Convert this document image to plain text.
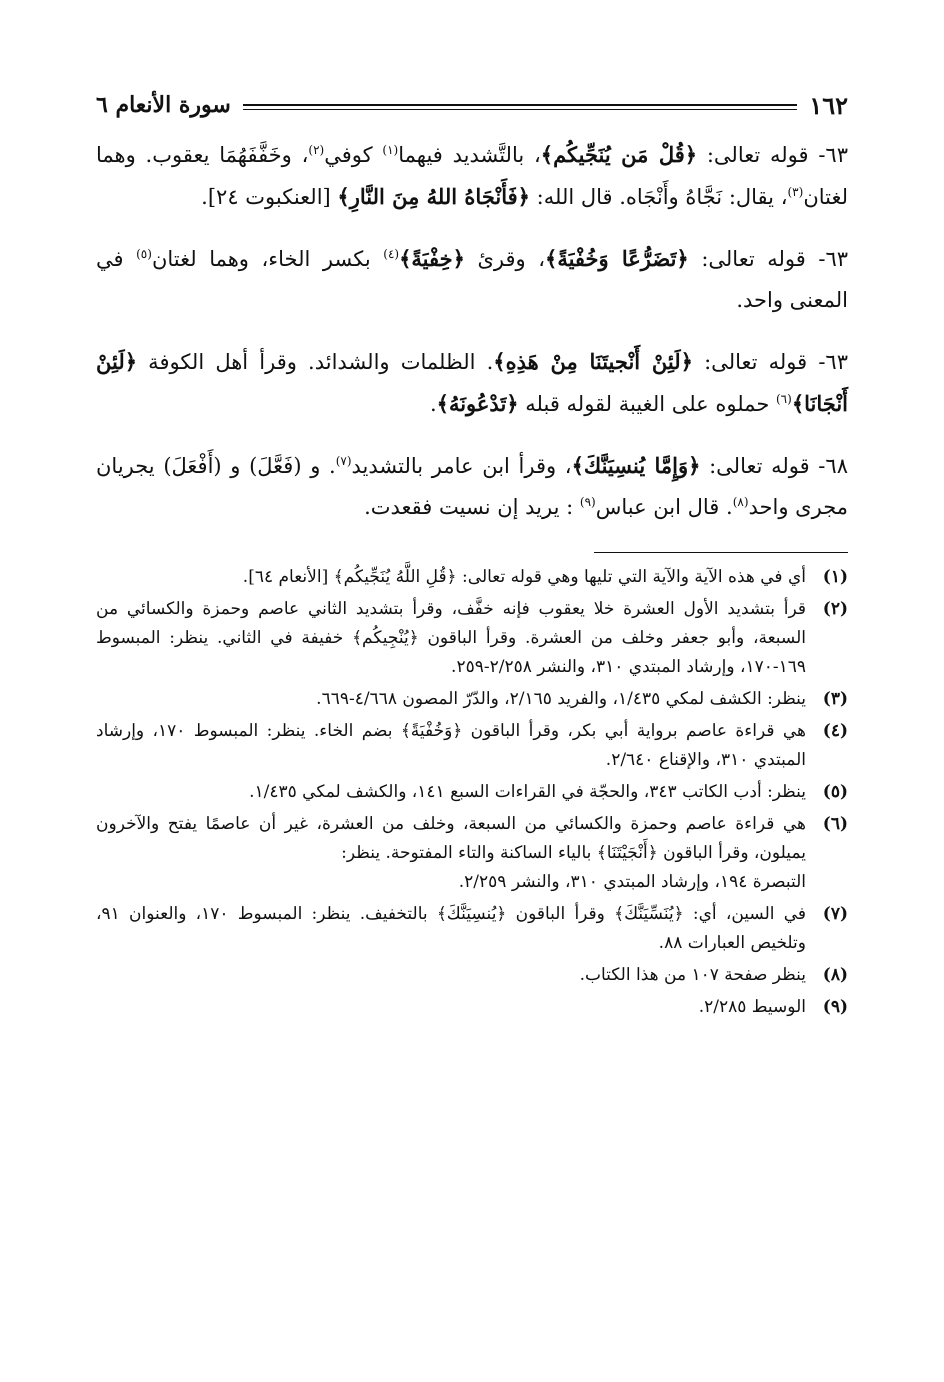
١٦٢
سورة الأنعام ٦

٦٣- قوله تعالى: ﴿قُلْ مَن يُنَجِّيكُم﴾، بالتَّشديد فيهما$^{(١)}$ كوفي$^{(٢)}$، وخَفَّفَهُمَا يعقوب. وهما لغتان$^{(٣)}$، يقال: نَجَّاهُ وأَنْجَاه. قال الله: ﴿فَأَنْجَاهُ اللهُ مِنَ النَّارِ﴾ [العنكبوت ٢٤].

٦٣- قوله تعالى: ﴿تَضَرُّعًا وَخُفْيَةً﴾، وقرئ ﴿خِفْيَةً﴾$^{(٤)}$ بكسر الخاء، وهما لغتان$^{(٥)}$ في المعنى واحد.

٦٣- قوله تعالى: ﴿لَئِنْ أَنْجيتَنَا مِنْ هَذِهِ﴾. الظلمات والشدائد. وقرأ أهل الكوفة ﴿لَئِنْ أَنْجَانَا﴾$^{(٦)}$ حملوه على الغيبة لقوله قبله ﴿تَدْعُونَهُ﴾.

٦٨- قوله تعالى: ﴿وَإِمَّا يُنسِيَنَّكَ﴾، وقرأ ابن عامر بالتشديد$^{(٧)}$. و (فَعَّلَ) و (أَفْعَلَ) يجريان مجرى واحد$^{(٨)}$. قال ابن عباس$^{(٩)}$ : يريد إن نسيت فقعدت.

(١)
أي في هذه الآية والآية التي تليها وهي قوله تعالى: ﴿قُلِ اللَّهُ يُنَجِّيكُم﴾ [الأنعام ٦٤].
(٢)
قرأ بتشديد الأول العشرة خلا يعقوب فإنه خفَّف، وقرأ بتشديد الثاني عاصم وحمزة والكسائي من السبعة، وأبو جعفر وخلف من العشرة. وقرأ الباقون ﴿يُنْجِيكُم﴾ خفيفة في الثاني. ينظر: المبسوط ١٦٩-١٧٠، وإرشاد المبتدي ٣١٠، والنشر ٢/٢٥٨-٢٥٩.
(٣)
ينظر: الكشف لمكي ١/٤٣٥، والفريد ٢/١٦٥، والدّرّ المصون ٤/٦٦٨-٦٦٩.
(٤)
هي قراءة عاصم برواية أبي بكر، وقرأ الباقون ﴿وَخُفْيَةً﴾ بضم الخاء. ينظر: المبسوط ١٧٠، وإرشاد المبتدي ٣١٠، والإقناع ٢/٦٤٠.
(٥)
ينظر: أدب الكاتب ٣٤٣، والحجّة في القراءات السبع ١٤١، والكشف لمكي ١/٤٣٥.
(٦)
هي قراءة عاصم وحمزة والكسائي من السبعة، وخلف من العشرة، غير أن عاصمًا يفتح والآخرون يميلون، وقرأ الباقون ﴿أَنْجَيْتَنَا﴾ بالياء الساكنة والتاء المفتوحة. ينظر:
التبصرة ١٩٤، وإرشاد المبتدي ٣١٠، والنشر ٢/٢٥٩.
(٧)
في السين، أي: ﴿يُنَسِّيَنَّكَ﴾ وقرأ الباقون ﴿يُنسِيَنَّكَ﴾ بالتخفيف. ينظر: المبسوط ١٧٠، والعنوان ٩١، وتلخيص العبارات ٨٨.
(٨)
ينظر صفحة ١٠٧ من هذا الكتاب.
(٩)
الوسيط ٢/٢٨٥.
